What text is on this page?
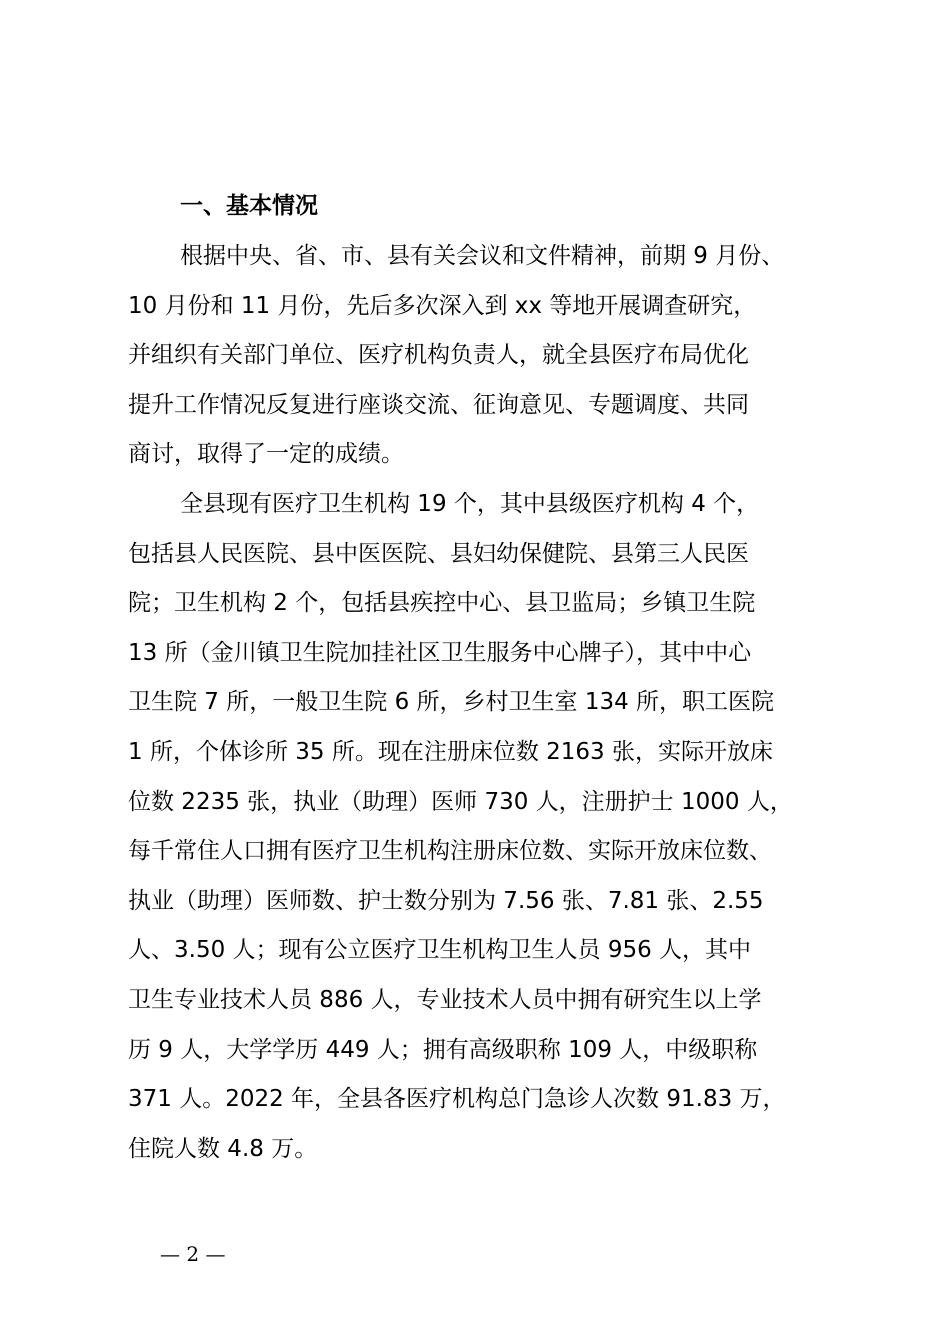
一、基本情况
根据中央、省、市、县有关会议和文件精神，前期 9 月份、
10 月份和 11 月份，先后多次深入到 xx 等地开展调查研究，
并组织有关部门单位、医疗机构负责人，就全县医疗布局优化
提升工作情况反复进行座谈交流、征询意见、专题调度、共同
商讨，取得了一定的成绩。
全县现有医疗卫生机构 19 个，其中县级医疗机构 4 个，
包括县人民医院、县中医医院、县妇幼保健院、县第三人民医
院；卫生机构 2 个，包括县疾控中心、县卫监局；乡镇卫生院
13 所（金川镇卫生院加挂社区卫生服务中心牌子），其中中心
卫生院 7 所，一般卫生院 6 所，乡村卫生室 134 所，职工医院
1 所，个体诊所 35 所。现在注册床位数 2163 张，实际开放床
位数 2235 张，执业（助理）医师 730 人，注册护士 1000 人，
每千常住人口拥有医疗卫生机构注册床位数、实际开放床位数、
执业（助理）医师数、护士数分别为 7.56 张、7.81 张、2.55
人、3.50 人；现有公立医疗卫生机构卫生人员 956 人，其中
卫生专业技术人员 886 人，专业技术人员中拥有研究生以上学
历 9 人，大学学历 449 人；拥有高级职称 109 人，中级职称
371 人。2022 年，全县各医疗机构总门急诊人次数 91.83 万，
住院人数 4.8 万。
— 2 —
